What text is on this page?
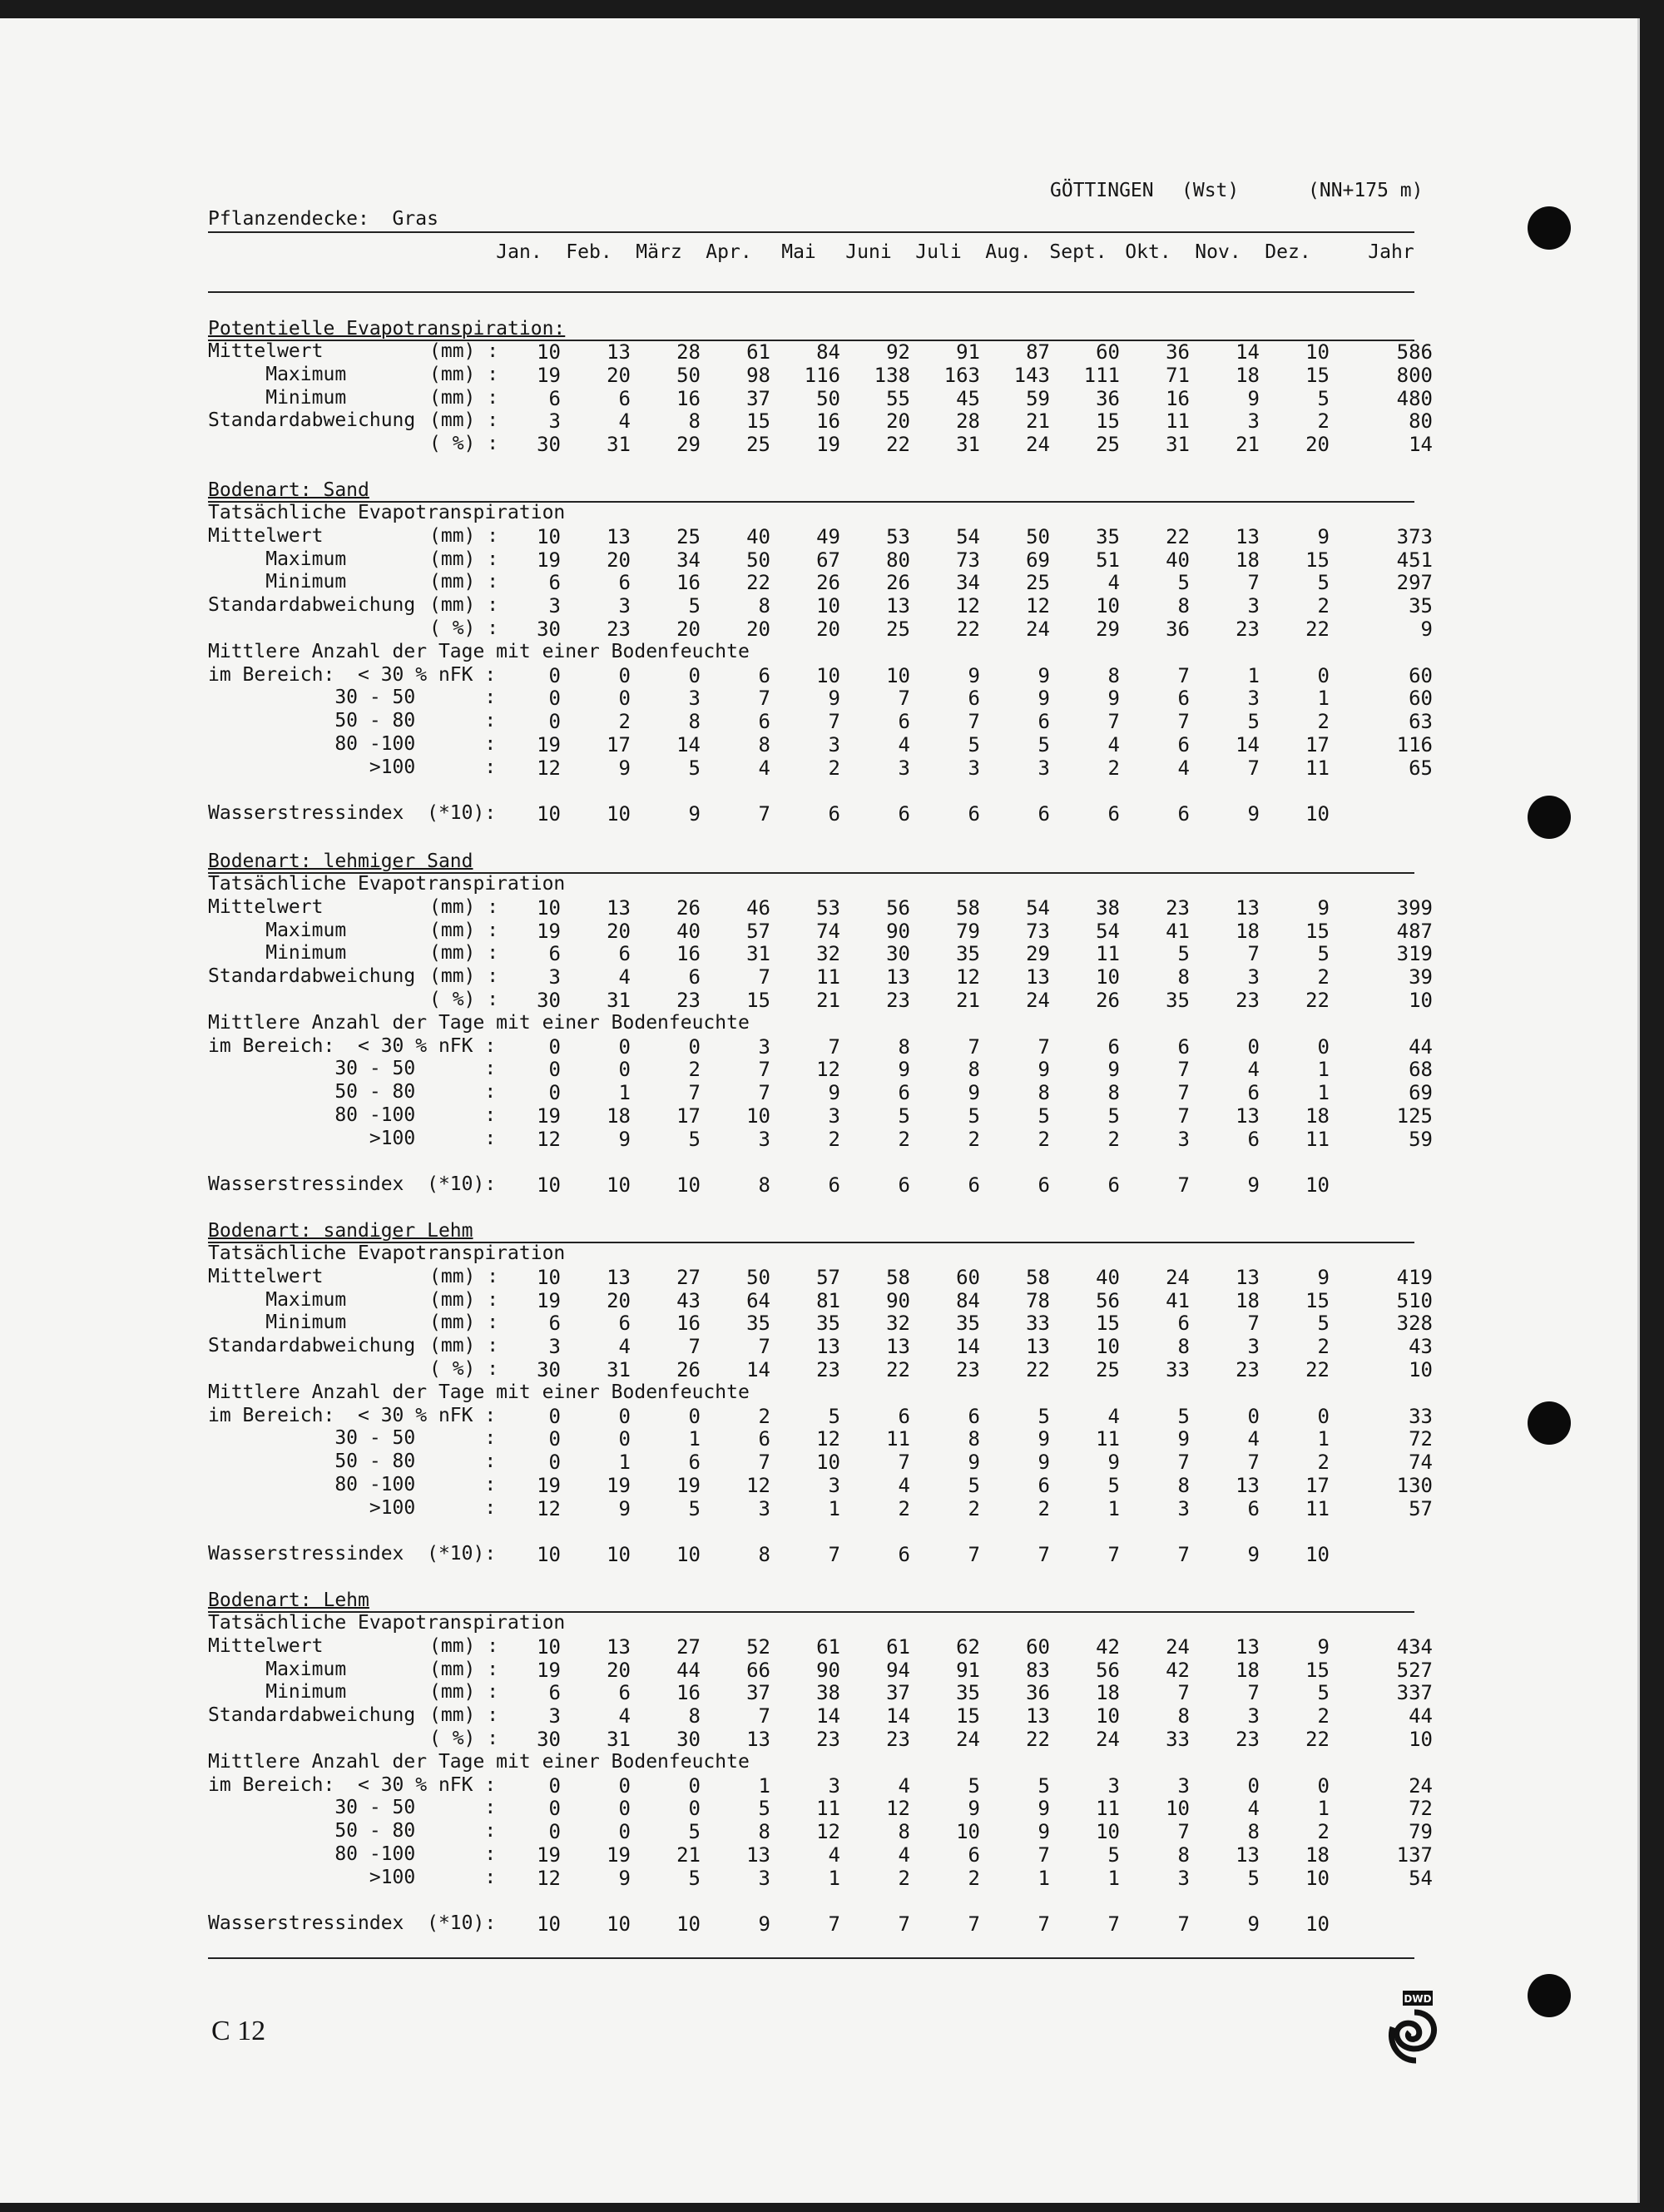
GÖTTINGEN (Wst)	(NN+175 m)
Pflanzendecke:  Gras
Jan.	Feb.	März	Apr.	Mai	Juni	Juli	Aug. Sept. Okt.	Nov.	Dez.	Jahr
Potentielle Evapotranspiration:
Mittelwert	(mm) :	10	13	28	61	84	92	91	87	60	36	14	10	586
Maximum	(mm) :	19	20	50	98	116	138	163	143	111	71	18	15	800
Minimum	(mm) :	6	6	16	37	50	55	45	59	36	16	9	5	480
Standardabweichung (mm) :	3	4	8	15	16	20	28	21	15	11	3	2	80
( %) :	30	31	29	25	19	22	31	24	25	31	21	20	14
Bodenart: Sand
Tatsächliche Evapotranspiration
Mittelwert	(mm) :	10	13	25	40	49	53	54	50	35	22	13	9	373
Maximum	(mm) :	19	20	34	50	67	80	73	69	51	40	18	15	451
Minimum	(mm) :	6	6	16	22	26	26	34	25	4	5	7	5	297
Standardabweichung (mm) :	3	3	5	8	10	13	12	12	10	8	3	2	35
( %) :	30	23	20	20	20	25	22	24	29	36	23	22	9
Mittlere Anzahl der Tage mit einer Bodenfeuchte
im Bereich:  < 30 % nFK :	0	0	0	6	10	10	9	9	8	7	1	0	60
30 - 50      :	0	0	3	7	9	7	6	9	9	6	3	1	60
50 - 80      :	0	2	8	6	7	6	7	6	7	7	5	2	63
80 -100      :	19	17	14	8	3	4	5	5	4	6	14	17	116
>100      :	12	9	5	4	2	3	3	3	2	4	7	11	65
Wasserstressindex  (*10):	10	10	9	7	6	6	6	6	6	6	9	10
Bodenart: lehmiger Sand
Tatsächliche Evapotranspiration
Mittelwert	(mm) :	10	13	26	46	53	56	58	54	38	23	13	9	399
Maximum	(mm) :	19	20	40	57	74	90	79	73	54	41	18	15	487
Minimum	(mm) :	6	6	16	31	32	30	35	29	11	5	7	5	319
Standardabweichung (mm) :	3	4	6	7	11	13	12	13	10	8	3	2	39
( %) :	30	31	23	15	21	23	21	24	26	35	23	22	10
Mittlere Anzahl der Tage mit einer Bodenfeuchte
im Bereich:  < 30 % nFK :	0	0	0	3	7	8	7	7	6	6	0	0	44
30 - 50      :	0	0	2	7	12	9	8	9	9	7	4	1	68
50 - 80      :	0	1	7	7	9	6	9	8	8	7	6	1	69
80 -100      :	19	18	17	10	3	5	5	5	5	7	13	18	125
>100      :	12	9	5	3	2	2	2	2	2	3	6	11	59
Wasserstressindex  (*10):	10	10	10	8	6	6	6	6	6	7	9	10
Bodenart: sandiger Lehm
Tatsächliche Evapotranspiration
Mittelwert	(mm) :	10	13	27	50	57	58	60	58	40	24	13	9	419
Maximum	(mm) :	19	20	43	64	81	90	84	78	56	41	18	15	510
Minimum	(mm) :	6	6	16	35	35	32	35	33	15	6	7	5	328
Standardabweichung (mm) :	3	4	7	7	13	13	14	13	10	8	3	2	43
( %) :	30	31	26	14	23	22	23	22	25	33	23	22	10
Mittlere Anzahl der Tage mit einer Bodenfeuchte
im Bereich:  < 30 % nFK :	0	0	0	2	5	6	6	5	4	5	0	0	33
30 - 50      :	0	0	1	6	12	11	8	9	11	9	4	1	72
50 - 80      :	0	1	6	7	10	7	9	9	9	7	7	2	74
80 -100      :	19	19	19	12	3	4	5	6	5	8	13	17	130
>100      :	12	9	5	3	1	2	2	2	1	3	6	11	57
Wasserstressindex  (*10):	10	10	10	8	7	6	7	7	7	7	9	10
Bodenart: Lehm
Tatsächliche Evapotranspiration
Mittelwert	(mm) :	10	13	27	52	61	61	62	60	42	24	13	9	434
Maximum	(mm) :	19	20	44	66	90	94	91	83	56	42	18	15	527
Minimum	(mm) :	6	6	16	37	38	37	35	36	18	7	7	5	337
Standardabweichung (mm) :	3	4	8	7	14	14	15	13	10	8	3	2	44
( %) :	30	31	30	13	23	23	24	22	24	33	23	22	10
Mittlere Anzahl der Tage mit einer Bodenfeuchte
im Bereich:  < 30 % nFK :	0	0	0	1	3	4	5	5	3	3	0	0	24
30 - 50      :	0	0	0	5	11	12	9	9	11	10	4	1	72
50 - 80      :	0	0	5	8	12	8	10	9	10	7	8	2	79
80 -100      :	19	19	21	13	4	4	6	7	5	8	13	18	137
>100      :	12	9	5	3	1	2	2	1	1	3	5	10	54
Wasserstressindex  (*10):	10	10	10	9	7	7	7	7	7	7	9	10
C 12
DWD
